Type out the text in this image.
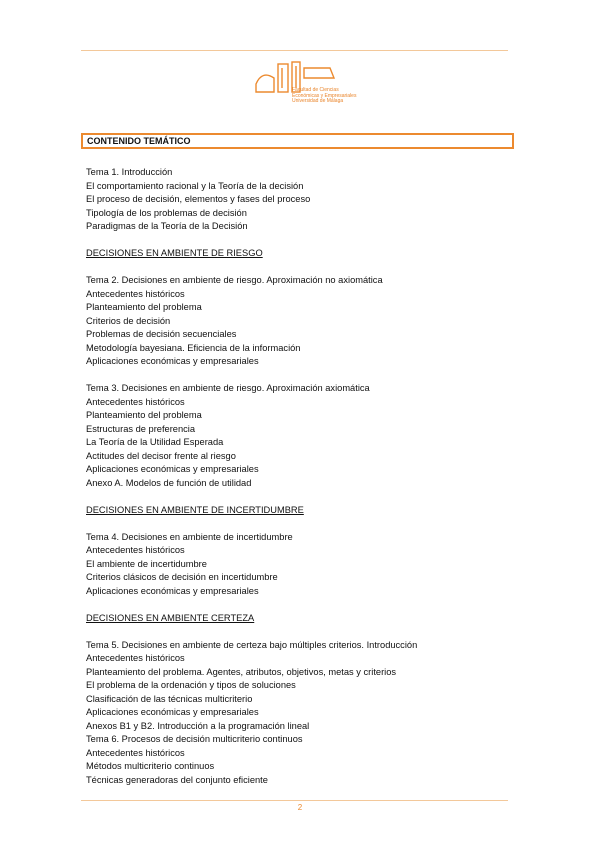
Facultad de Ciencias
Económicas y Empresariales
Universidad de Málaga
CONTENIDO TEMÁTICO
Tema 1. Introducción
El comportamiento racional y la Teoría de la decisión
El proceso de decisión, elementos y fases del proceso
Tipología de los problemas de decisión
Paradigmas de la Teoría de la Decisión
DECISIONES EN AMBIENTE DE RIESGO
Tema 2. Decisiones en ambiente de riesgo. Aproximación no axiomática
Antecedentes históricos
Planteamiento del problema
Criterios de decisión
Problemas de decisión secuenciales
Metodología bayesiana. Eficiencia de la información
Aplicaciones económicas y empresariales
Tema 3. Decisiones en ambiente de riesgo. Aproximación axiomática
Antecedentes históricos
Planteamiento del problema
Estructuras de preferencia
La Teoría de la Utilidad Esperada
Actitudes del decisor frente al riesgo
Aplicaciones económicas y empresariales
Anexo A. Modelos de función de utilidad
DECISIONES EN AMBIENTE DE INCERTIDUMBRE
Tema 4. Decisiones en ambiente de incertidumbre
Antecedentes históricos
El ambiente de incertidumbre
Criterios clásicos de decisión en incertidumbre
Aplicaciones económicas y empresariales
DECISIONES EN AMBIENTE CERTEZA
Tema 5. Decisiones en ambiente de certeza bajo múltiples criterios. Introducción
Antecedentes históricos
Planteamiento del problema. Agentes, atributos, objetivos, metas y criterios
El problema de la ordenación y tipos de soluciones
Clasificación de las técnicas multicriterio
Aplicaciones económicas y empresariales
Anexos B1 y B2. Introducción a la programación lineal
Tema 6. Procesos de decisión multicriterio continuos
Antecedentes históricos
Métodos multicriterio continuos
Técnicas generadoras del conjunto eficiente
2
